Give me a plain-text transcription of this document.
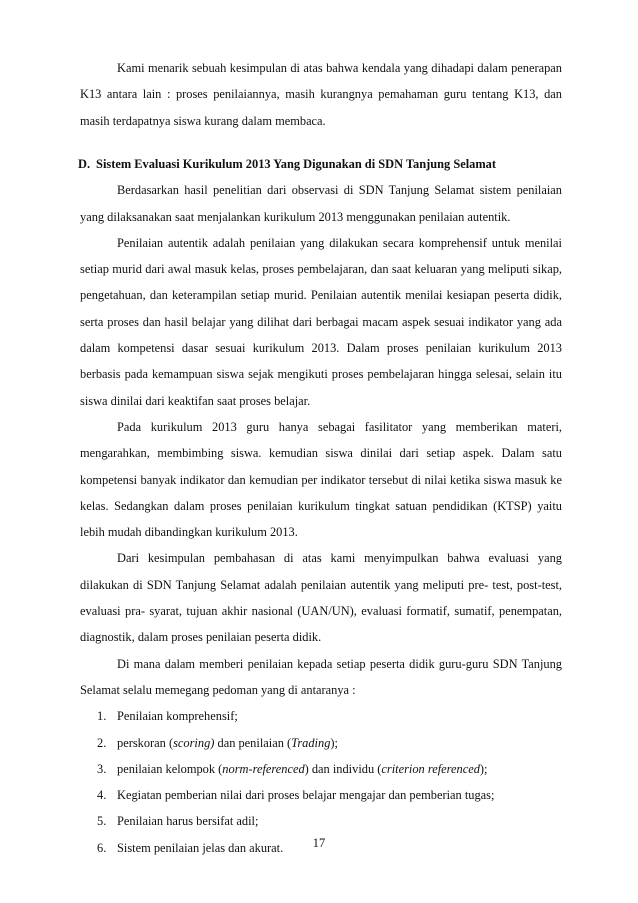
Kami menarik sebuah kesimpulan di atas bahwa kendala yang dihadapi dalam penerapan K13 antara lain : proses penilaiannya, masih kurangnya pemahaman guru tentang K13, dan masih terdapatnya siswa kurang dalam membaca.

D. Sistem Evaluasi Kurikulum 2013 Yang Digunakan di SDN Tanjung Selamat

Berdasarkan hasil penelitian dari observasi di SDN Tanjung Selamat sistem penilaian yang dilaksanakan saat menjalankan kurikulum 2013 menggunakan penilaian autentik.

Penilaian autentik adalah penilaian yang dilakukan secara komprehensif untuk menilai setiap murid dari awal masuk kelas, proses pembelajaran, dan saat keluaran yang meliputi sikap, pengetahuan, dan keterampilan setiap murid. Penilaian autentik menilai kesiapan peserta didik, serta proses dan hasil belajar yang dilihat dari berbagai macam aspek sesuai indikator yang ada dalam kompetensi dasar sesuai kurikulum 2013. Dalam proses penilaian kurikulum 2013 berbasis pada kemampuan siswa sejak mengikuti proses pembelajaran hingga selesai, selain itu siswa dinilai dari keaktifan saat proses belajar.

Pada kurikulum 2013 guru hanya sebagai fasilitator yang memberikan materi, mengarahkan, membimbing siswa. kemudian siswa dinilai dari setiap aspek. Dalam satu kompetensi banyak indikator dan kemudian per indikator tersebut di nilai ketika siswa masuk ke kelas. Sedangkan dalam proses penilaian kurikulum tingkat satuan pendidikan (KTSP) yaitu lebih mudah dibandingkan kurikulum 2013.

Dari kesimpulan pembahasan di atas kami menyimpulkan bahwa evaluasi yang dilakukan di SDN Tanjung Selamat adalah penilaian autentik yang meliputi pre- test, post-test, evaluasi pra- syarat, tujuan akhir nasional (UAN/UN), evaluasi formatif, sumatif, penempatan, diagnostik, dalam proses penilaian peserta didik.

Di mana dalam memberi penilaian kepada setiap peserta didik guru-guru SDN Tanjung Selamat selalu memegang pedoman yang di antaranya :

1. Penilaian komprehensif;
2. perskoran (scoring) dan penilaian (Trading);
3. penilaian kelompok (norm-referenced) dan individu (criterion referenced);
4. Kegiatan pemberian nilai dari proses belajar mengajar dan pemberian tugas;
5. Penilaian harus bersifat adil;
6. Sistem penilaian jelas dan akurat.	17
